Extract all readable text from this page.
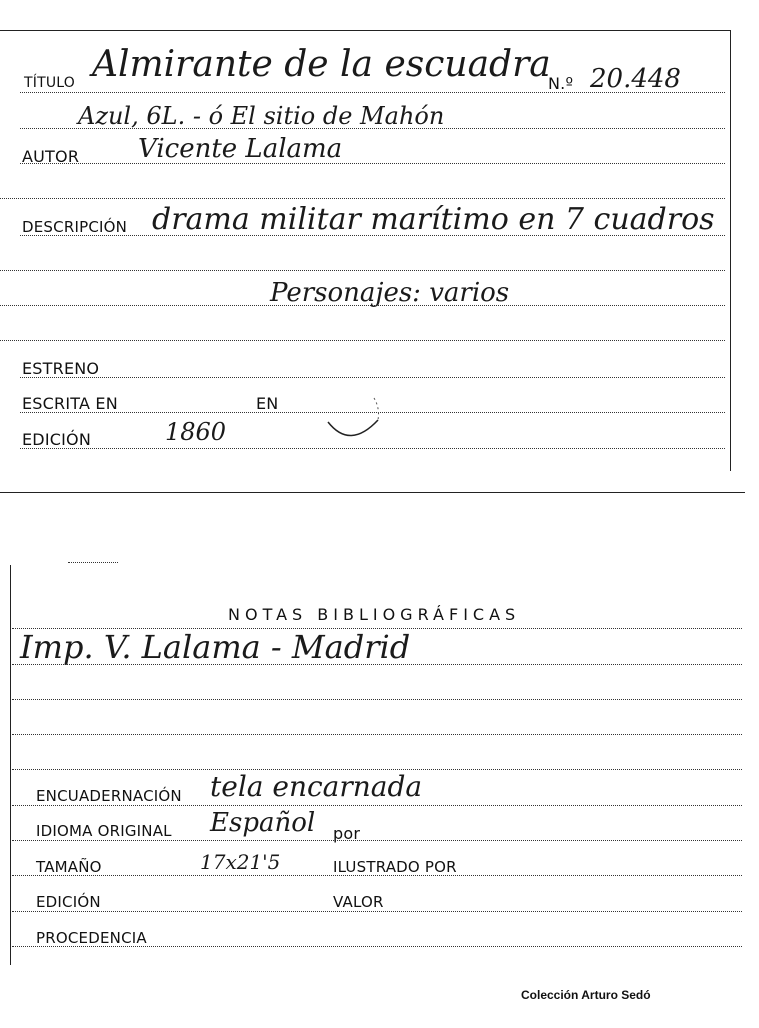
TÍTULO Almirante de la escuadra
N.º 20.448
Azul, 6L. - ó El sitio de Mahón
AUTOR Vicente Lalama
DESCRIPCIÓN drama militar marítimo en 7 cuadros
Personajes: varios
ESTRENO
ESCRITA EN	EN
EDICIÓN	1860
NOTAS BIBLIOGRÁFICAS
Imp. V. Lalama - Madrid
ENCUADERNACIÓN tela encarnada
IDIOMA ORIGINAL Español por
TAMAÑO	17x21'5	ILUSTRADO POR
EDICIÓN	VALOR
PROCEDENCIA
Colección Arturo Sedó
